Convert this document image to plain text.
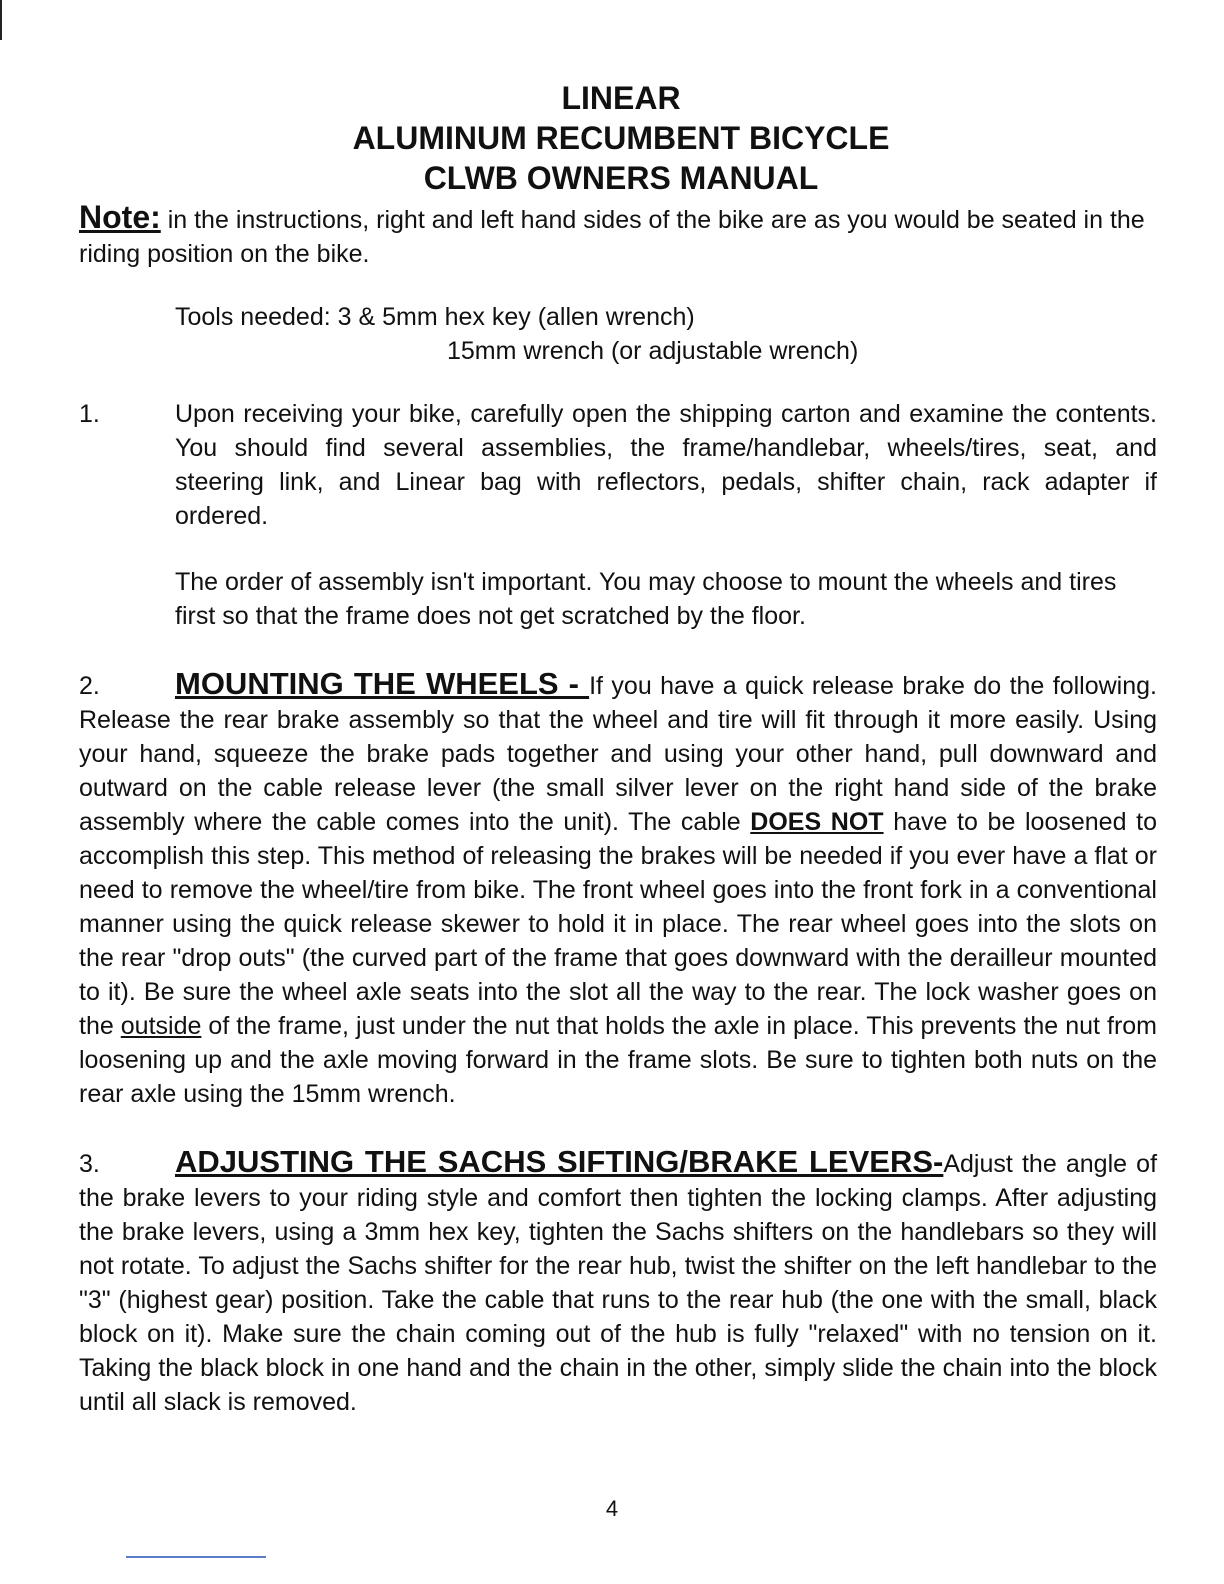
LINEAR
ALUMINUM RECUMBENT BICYCLE
CLWB OWNERS MANUAL

Note: in the instructions, right and left hand sides of the bike are as you would be seated in the riding position on the bike.

Tools needed: 3 & 5mm hex key (allen wrench)
15mm wrench (or adjustable wrench)
1.	Upon receiving your bike, carefully open the shipping carton and examine the contents. You should find several assemblies, the frame/handlebar, wheels/tires, seat, and steering link, and Linear bag with reflectors, pedals, shifter chain, rack adapter if ordered.

The order of assembly isn't important. You may choose to mount the wheels and tires first so that the frame does not get scratched by the floor.

2. MOUNTING THE WHEELS - If you have a quick release brake do the following. Release the rear brake assembly so that the wheel and tire will fit through it more easily. Using your hand, squeeze the brake pads together and using your other hand, pull downward and outward on the cable release lever (the small silver lever on the right hand side of the brake assembly where the cable comes into the unit). The cable DOES NOT have to be loosened to accomplish this step. This method of releasing the brakes will be needed if you ever have a flat or need to remove the wheel/tire from bike. The front wheel goes into the front fork in a conventional manner using the quick release skewer to hold it in place. The rear wheel goes into the slots on the rear "drop outs" (the curved part of the frame that goes downward with the derailleur mounted to it). Be sure the wheel axle seats into the slot all the way to the rear. The lock washer goes on the outside of the frame, just under the nut that holds the axle in place. This prevents the nut from loosening up and the axle moving forward in the frame slots. Be sure to tighten both nuts on the rear axle using the 15mm wrench.

3. ADJUSTING THE SACHS SIFTING/BRAKE LEVERS-Adjust the angle of the brake levers to your riding style and comfort then tighten the locking clamps. After adjusting the brake levers, using a 3mm hex key, tighten the Sachs shifters on the handlebars so they will not rotate. To adjust the Sachs shifter for the rear hub, twist the shifter on the left handlebar to the "3" (highest gear) position. Take the cable that runs to the rear hub (the one with the small, black block on it). Make sure the chain coming out of the hub is fully "relaxed" with no tension on it. Taking the black block in one hand and the chain in the other, simply slide the chain into the block until all slack is removed.

4
